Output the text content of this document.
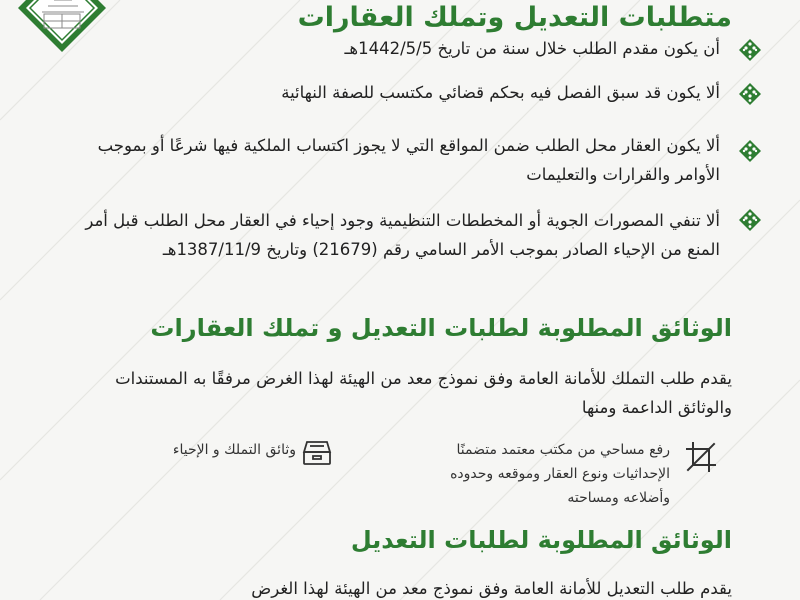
متطلبات التعديل وتملك العقارات

أن يكون مقدم الطلب خلال سنة من تاريخ 1442/5/5هـ

ألا يكون قد سبق الفصل فيه بحكم قضائي مكتسب للصفة النهائية

ألا يكون العقار محل الطلب ضمن المواقع التي لا يجوز اكتساب الملكية فيها شرعًا أو بموجب الأوامر والقرارات والتعليمات

ألا تنفي المصورات الجوية أو المخططات التنظيمية وجود إحياء في العقار محل الطلب قبل أمر المنع من الإحياء الصادر بموجب الأمر السامي رقم (21679) وتاريخ 1387/11/9هـ

الوثائق المطلوبة لطلبات التعديل و تملك العقارات

يقدم طلب التملك للأمانة العامة وفق نموذج معد من الهيئة لهذا الغرض مرفقًا به المستندات والوثائق الداعمة ومنها

رفع مساحي من مكتب معتمد متضمنًا الإحداثيات ونوع العقار وموقعه وحدوده وأضلاعه ومساحته
وثائق التملك و الإحياء
الوثائق المطلوبة لطلبات التعديل

يقدم طلب التعديل للأمانة العامة وفق نموذج معد من الهيئة لهذا الغرض
